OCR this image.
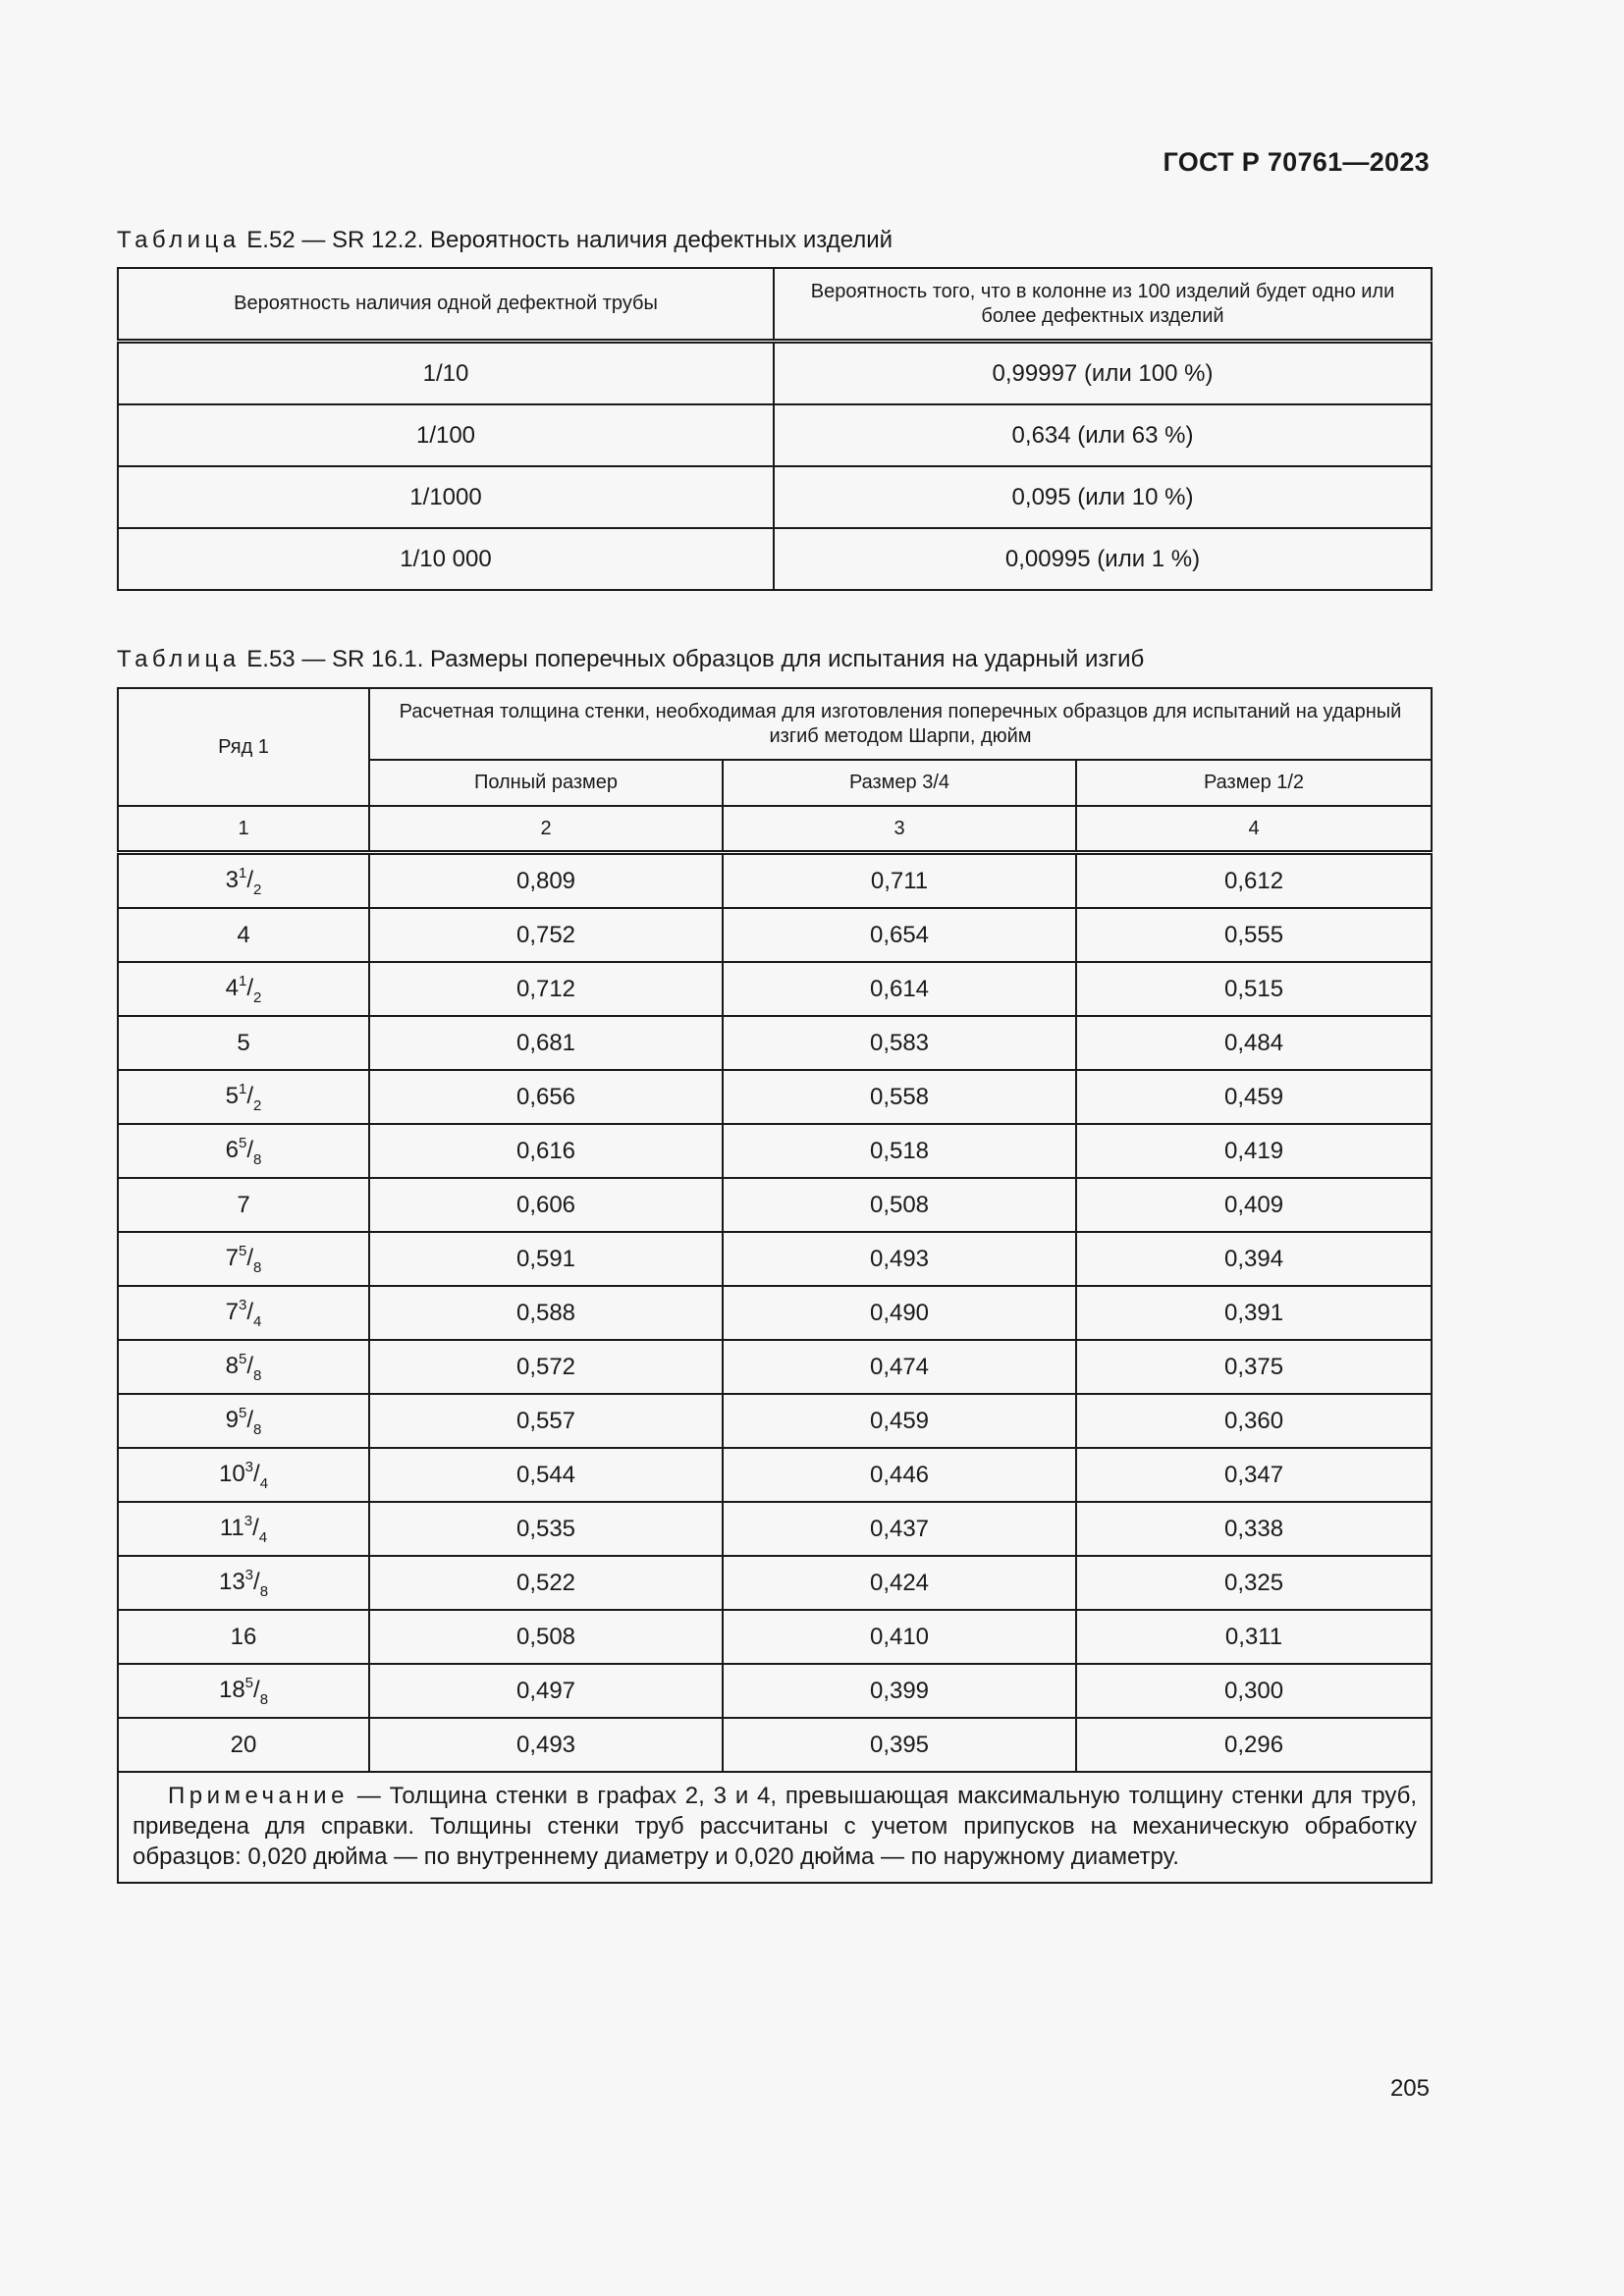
ГОСТ Р 70761—2023
Таблица Е.52 — SR 12.2. Вероятность наличия дефектных изделий
Вероятность наличия одной дефектной трубы	Вероятность того, что в колонне из 100 изделий будет одно или более дефектных изделий
1/10	0,99997 (или 100 %)
1/100	0,634 (или 63 %)
1/1000	0,095 (или 10 %)
1/10 000	0,00995 (или 1 %)
Таблица Е.53 — SR 16.1. Размеры поперечных образцов для испытания на ударный изгиб
Ряд 1	Расчетная толщина стенки, необходимая для изготовления поперечных образцов для испытаний на ударный изгиб методом Шарпи, дюйм		
	Полный размер	Размер 3/4	Размер 1/2
1	2	3	4
$3^1/_2$	0,809	0,711	0,612
4	0,752	0,654	0,555
$4^1/_2$	0,712	0,614	0,515
5	0,681	0,583	0,484
$5^1/_2$	0,656	0,558	0,459
$6^5/_8$	0,616	0,518	0,419
7	0,606	0,508	0,409
$7^5/_8$	0,591	0,493	0,394
$7^3/_4$	0,588	0,490	0,391
$8^5/_8$	0,572	0,474	0,375
$9^5/_8$	0,557	0,459	0,360
$10^3/_4$	0,544	0,446	0,347
$11^3/_4$	0,535	0,437	0,338
$13^3/_8$	0,522	0,424	0,325
16	0,508	0,410	0,311
$18^5/_8$	0,497	0,399	0,300
20	0,493	0,395	0,296
Примечание — Толщина стенки в графах 2, 3 и 4, превышающая максимальную толщину стенки для труб, приведена для справки. Толщины стенки труб рассчитаны с учетом припусков на механическую обработку образцов: 0,020 дюйма — по внутреннему диаметру и 0,020 дюйма — по наружному диаметру.			
205
